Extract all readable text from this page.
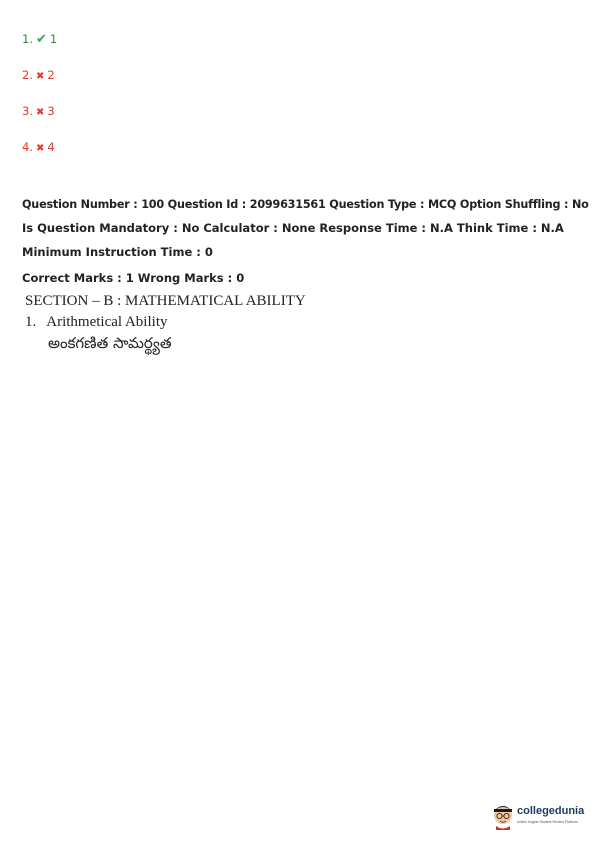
1. ✔ 1
2. ✖ 2
3. ✖ 3
4. ✖ 4
Question Number : 100 Question Id : 2099631561 Question Type : MCQ Option Shuffling : No
Is Question Mandatory : No Calculator : None Response Time : N.A Think Time : N.A
Minimum Instruction Time : 0
Correct Marks : 1 Wrong Marks : 0
SECTION – B : MATHEMATICAL ABILITY
1. Arithmetical Ability
అంకగణిత సామర్థ్యత
collegedunia
India's largest Student Review Platform
